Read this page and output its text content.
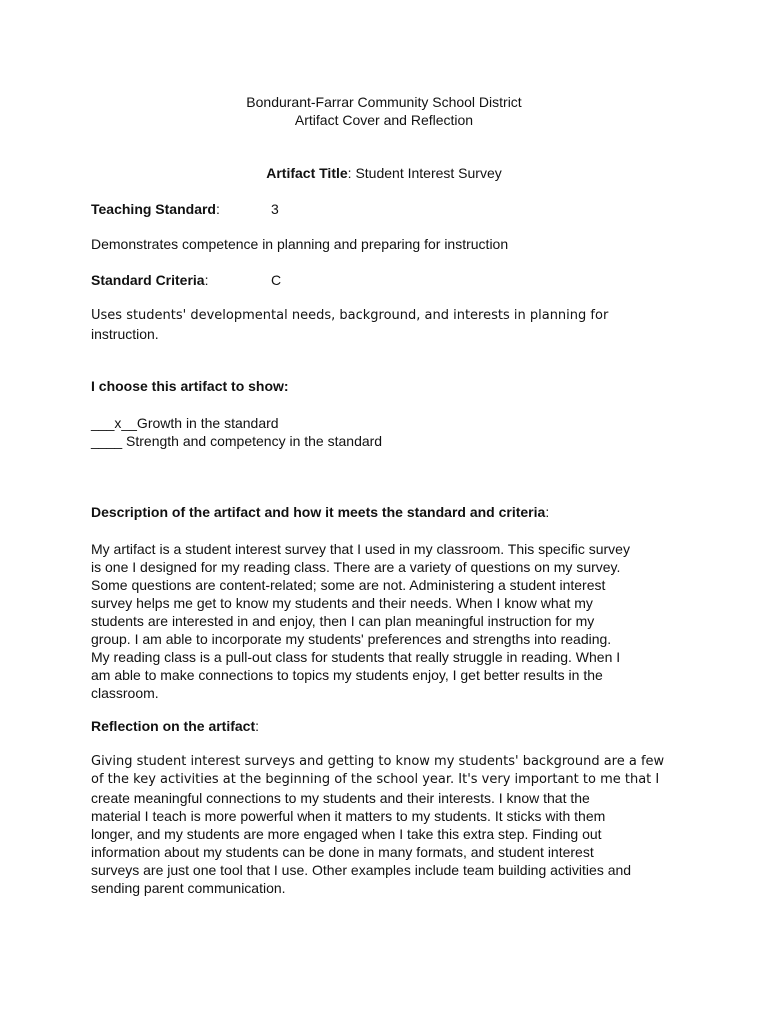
Bondurant-Farrar Community School District
Artifact Cover and Reflection
Artifact Title: Student Interest Survey
Teaching Standard:	3
Demonstrates competence in planning and preparing for instruction
Standard Criteria:	C
Uses students' developmental needs, background, and interests in planning for
instruction.
I choose this artifact to show:
___x__Growth in the standard
____ Strength and competency in the standard
Description of the artifact and how it meets the standard and criteria:
My artifact is a student interest survey that I used in my classroom. This specific survey
is one I designed for my reading class. There are a variety of questions on my survey.
Some questions are content-related; some are not. Administering a student interest
survey helps me get to know my students and their needs. When I know what my
students are interested in and enjoy, then I can plan meaningful instruction for my
group. I am able to incorporate my students' preferences and strengths into reading.
My reading class is a pull-out class for students that really struggle in reading. When I
am able to make connections to topics my students enjoy, I get better results in the
classroom.
Reflection on the artifact:
Giving student interest surveys and getting to know my students' background are a few
of the key activities at the beginning of the school year. It's very important to me that I
create meaningful connections to my students and their interests. I know that the
material I teach is more powerful when it matters to my students. It sticks with them
longer, and my students are more engaged when I take this extra step. Finding out
information about my students can be done in many formats, and student interest
surveys are just one tool that I use. Other examples include team building activities and
sending parent communication.
